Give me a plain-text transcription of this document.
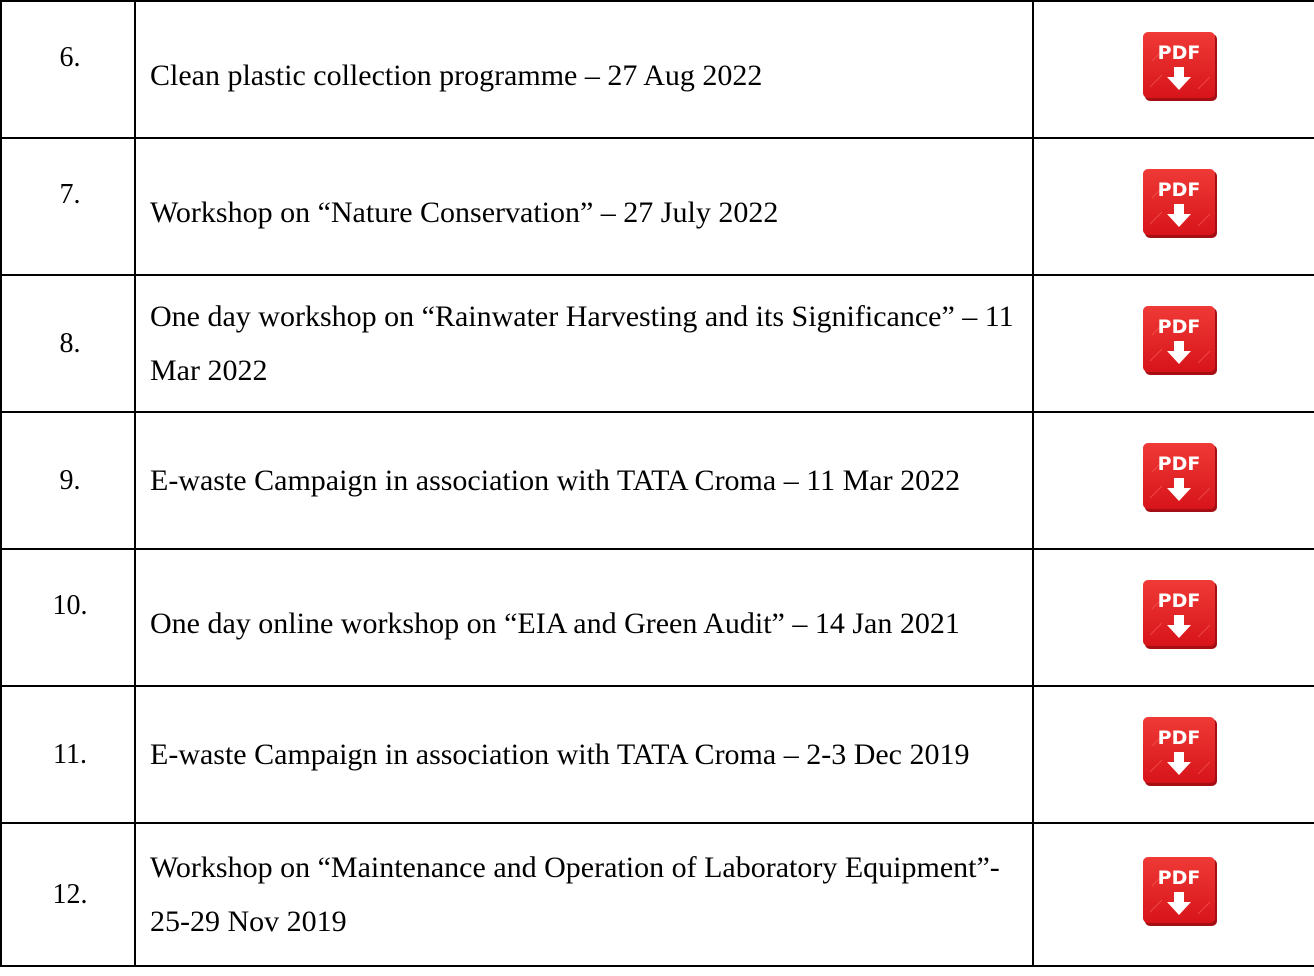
6.	Clean plastic collection programme – 27 Aug 2022	PDF

7.	Workshop on “Nature Conservation” – 27 July 2022	PDF

8.	One day workshop on “Rainwater Harvesting and its Significance” – 11 Mar 2022	PDF

9.	E-waste Campaign in association with TATA Croma – 11 Mar 2022	PDF

10.	One day online workshop on “EIA and Green Audit” – 14 Jan 2021	PDF

11.	E-waste Campaign in association with TATA Croma – 2-3 Dec 2019	PDF

12.	Workshop on “Maintenance and Operation of Laboratory Equipment”- 25-29 Nov 2019	PDF
